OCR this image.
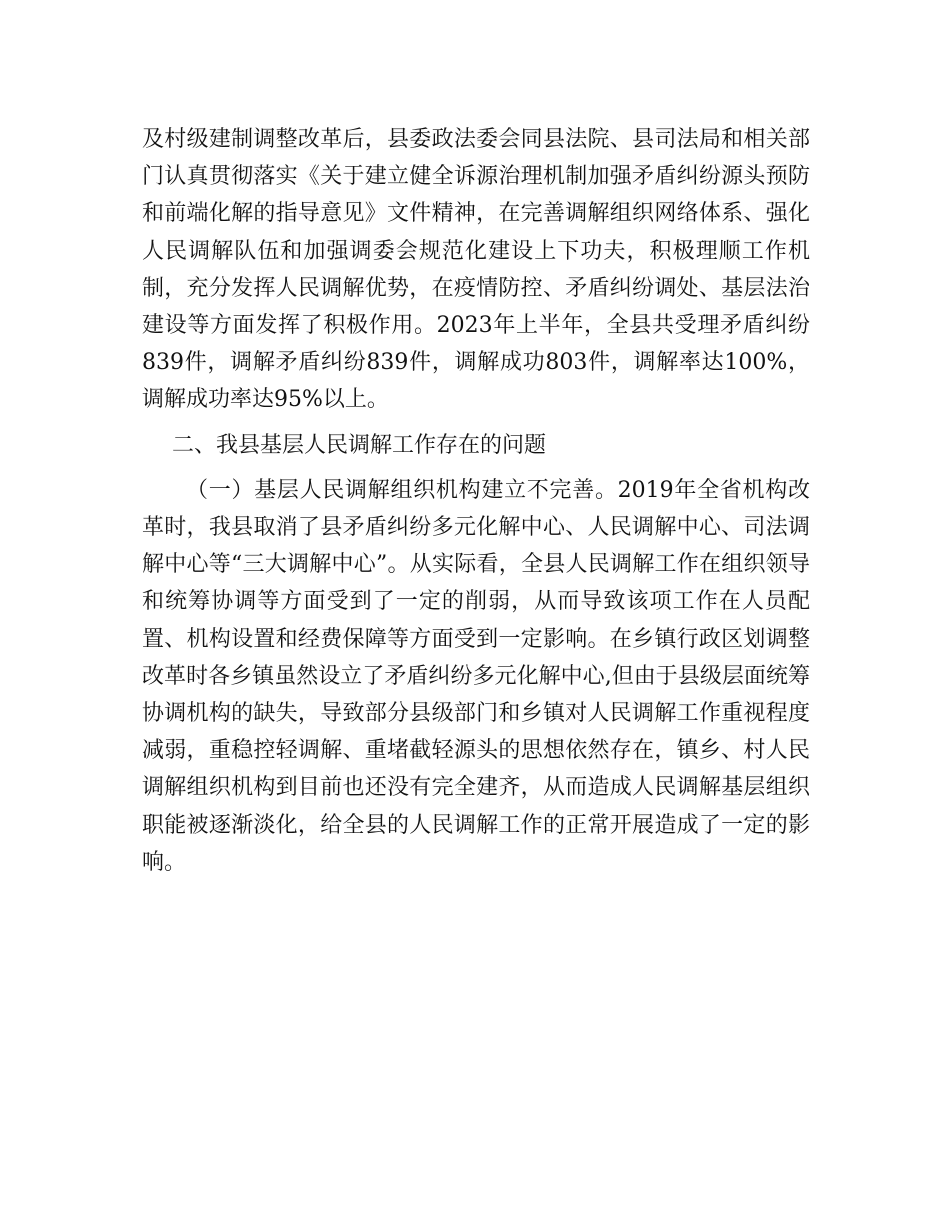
及村级建制调整改革后，县委政法委会同县法院、县司法局和相关部门认真贯彻落实《关于建立健全诉源治理机制加强矛盾纠纷源头预防和前端化解的指导意见》文件精神，在完善调解组织网络体系、强化人民调解队伍和加强调委会规范化建设上下功夫，积极理顺工作机制，充分发挥人民调解优势，在疫情防控、矛盾纠纷调处、基层法治建设等方面发挥了积极作用。2023年上半年，全县共受理矛盾纠纷839件，调解矛盾纠纷839件，调解成功803件，调解率达100%，调解成功率达95%以上。

二、我县基层人民调解工作存在的问题

（一）基层人民调解组织机构建立不完善。2019年全省机构改革时，我县取消了县矛盾纠纷多元化解中心、人民调解中心、司法调解中心等“三大调解中心”。从实际看，全县人民调解工作在组织领导和统筹协调等方面受到了一定的削弱，从而导致该项工作在人员配置、机构设置和经费保障等方面受到一定影响。在乡镇行政区划调整改革时各乡镇虽然设立了矛盾纠纷多元化解中心,但由于县级层面统筹协调机构的缺失，导致部分县级部门和乡镇对人民调解工作重视程度减弱，重稳控轻调解、重堵截轻源头的思想依然存在，镇乡、村人民调解组织机构到目前也还没有完全建齐，从而造成人民调解基层组织职能被逐渐淡化，给全县的人民调解工作的正常开展造成了一定的影响。
